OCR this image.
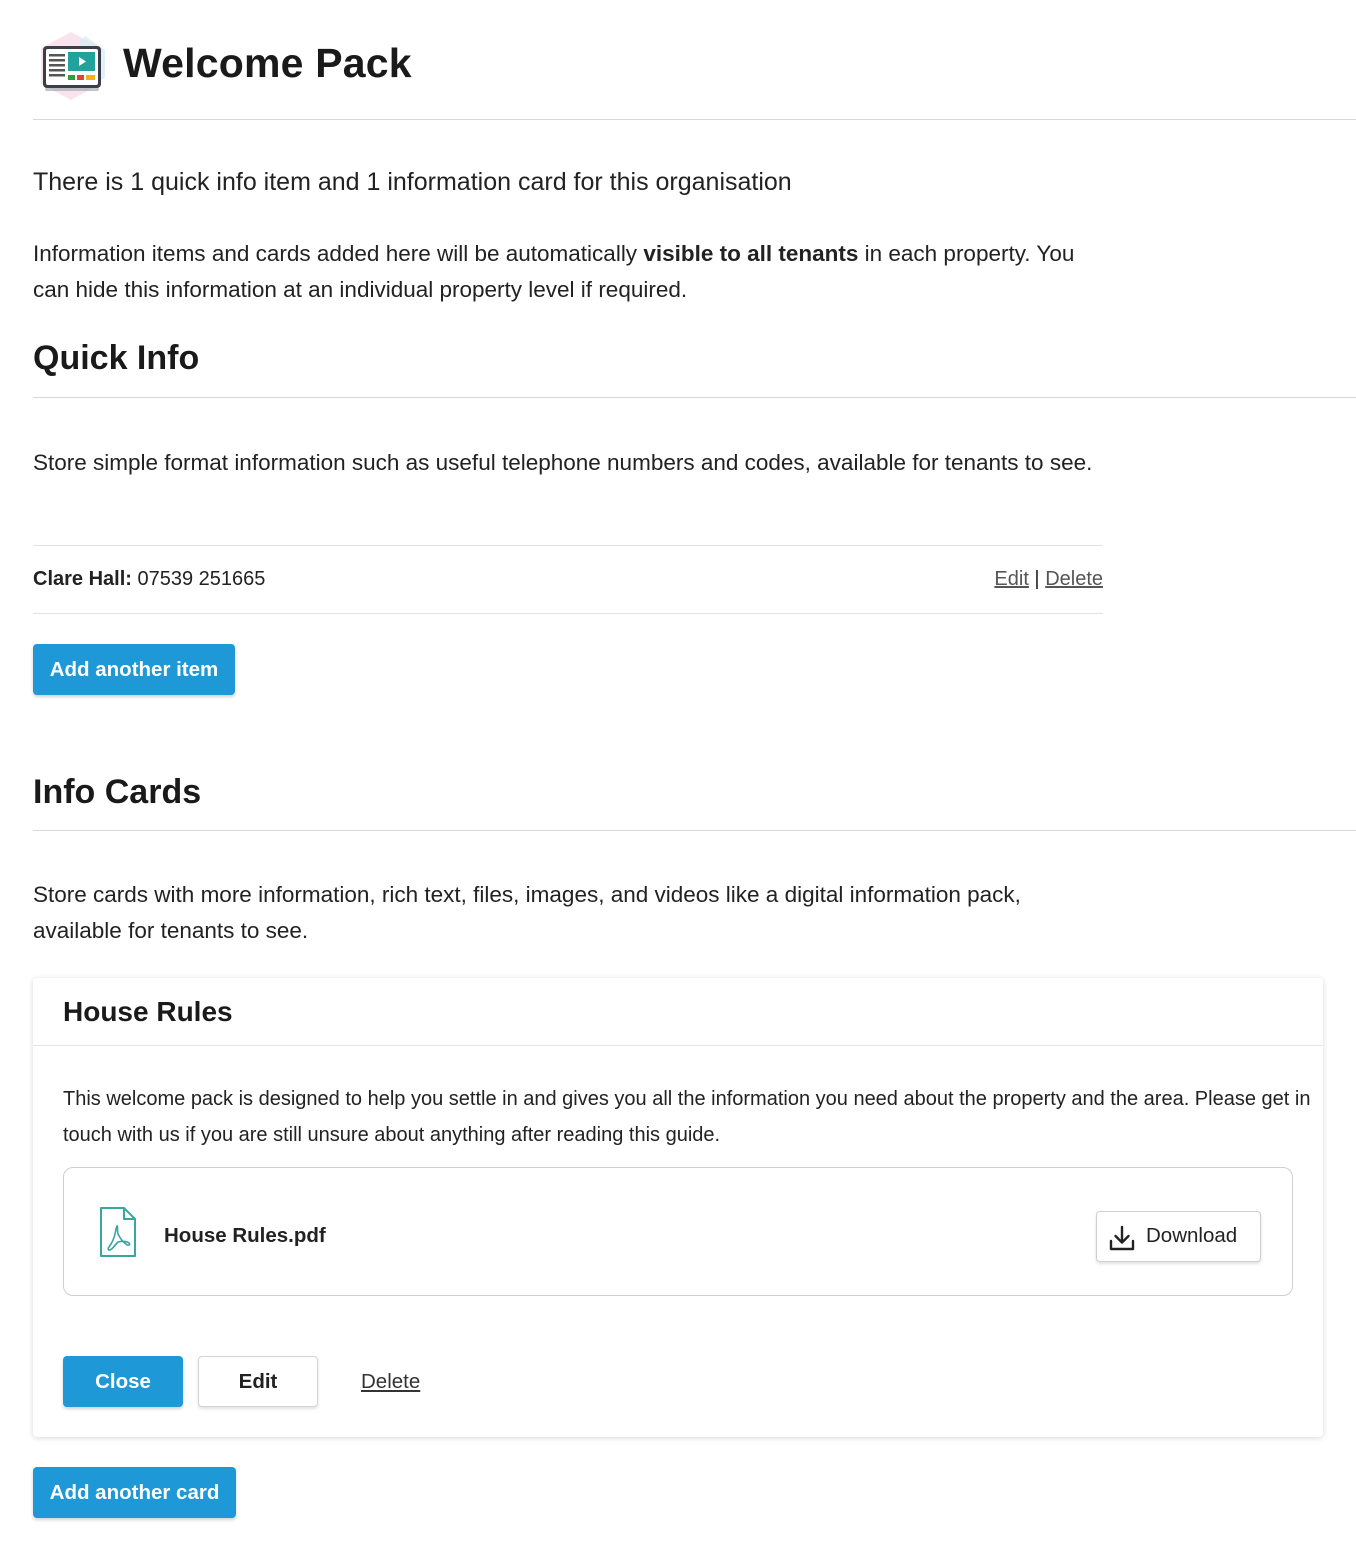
Welcome Pack

There is 1 quick info item and 1 information card for this organisation

Information items and cards added here will be automatically visible to all tenants in each property. You can hide this information at an individual property level if required.

Quick Info

Store simple format information such as useful telephone numbers and codes, available for tenants to see.

Clare Hall: 07539 251665	Edit | Delete
Add another item
Info Cards

Store cards with more information, rich text, files, images, and videos like a digital information pack, available for tenants to see.

House Rules

This welcome pack is designed to help you settle in and gives you all the information you need about the property and the area. Please get in touch with us if you are still unsure about anything after reading this guide.

House Rules.pdf	Download
Close	Edit	Delete
Add another card
